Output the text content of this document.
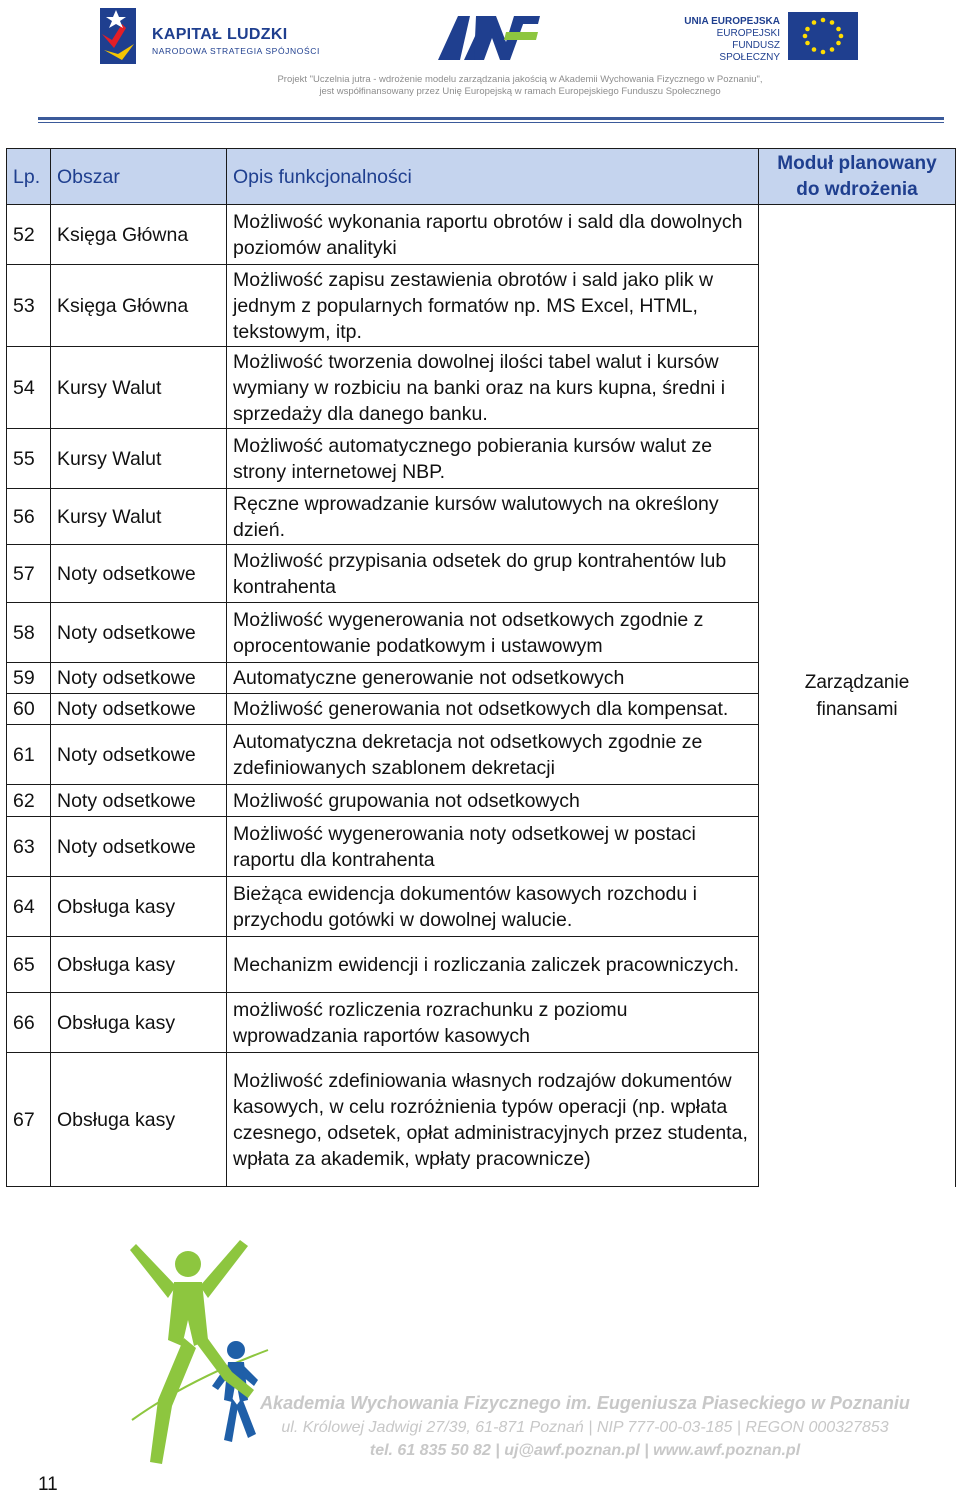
KAPITAŁ LUDZKI
NARODOWA STRATEGIA SPÓJNOŚCI
UNIA EUROPEJSKA
EUROPEJSKI
FUNDUSZ SPOŁECZNY
Projekt "Uczelnia jutra - wdrożenie modelu zarządzania jakością w Akademii Wychowania Fizycznego w Poznaniu",
jest współfinansowany przez Unię Europejską w ramach Europejskiego Funduszu Społecznego
Lp.	Obszar	Opis funkcjonalności	Moduł planowany do wdrożenia
52	Księga Główna	Możliwość wykonania raportu obrotów i sald dla dowolnych poziomów analityki	Zarządzanie finansami
53	Księga Główna	Możliwość zapisu zestawienia obrotów i sald jako plik w jednym z popularnych formatów np. MS Excel, HTML, tekstowym, itp.	
54	Kursy Walut	Możliwość tworzenia dowolnej ilości tabel walut i kursów wymiany w rozbiciu na banki oraz na kurs kupna, średni i sprzedaży dla danego banku.	
55	Kursy Walut	Możliwość automatycznego pobierania kursów walut ze strony internetowej NBP.	
56	Kursy Walut	Ręczne wprowadzanie kursów walutowych na określony dzień.	
57	Noty odsetkowe	Możliwość przypisania odsetek do grup kontrahentów lub kontrahenta	
58	Noty odsetkowe	Możliwość wygenerowania not odsetkowych zgodnie z oprocentowanie podatkowym i ustawowym	
59	Noty odsetkowe	Automatyczne generowanie not odsetkowych	
60	Noty odsetkowe	Możliwość generowania not odsetkowych dla kompensat.	
61	Noty odsetkowe	Automatyczna dekretacja not odsetkowych zgodnie ze zdefiniowanych szablonem dekretacji	
62	Noty odsetkowe	Możliwość grupowania not odsetkowych	
63	Noty odsetkowe	Możliwość wygenerowania noty odsetkowej w postaci raportu dla kontrahenta	
64	Obsługa kasy	Bieżąca ewidencja dokumentów kasowych rozchodu i przychodu gotówki w dowolnej walucie.	
65	Obsługa kasy	Mechanizm ewidencji i rozliczania zaliczek pracowniczych.	
66	Obsługa kasy	możliwość rozliczenia rozrachunku z poziomu wprowadzania raportów kasowych	
67	Obsługa kasy	Możliwość zdefiniowania własnych rodzajów dokumentów kasowych, w celu rozróżnienia typów operacji (np. wpłata czesnego, odsetek, opłat administracyjnych przez studenta, wpłata za akademik, wpłaty pracownicze)	
Akademia Wychowania Fizycznego im. Eugeniusza Piaseckiego w Poznaniu
ul. Królowej Jadwigi 27/39, 61-871 Poznań | NIP 777-00-03-185 | REGON 000327853
tel. 61 835 50 82 | uj@awf.poznan.pl | www.awf.poznan.pl
11
